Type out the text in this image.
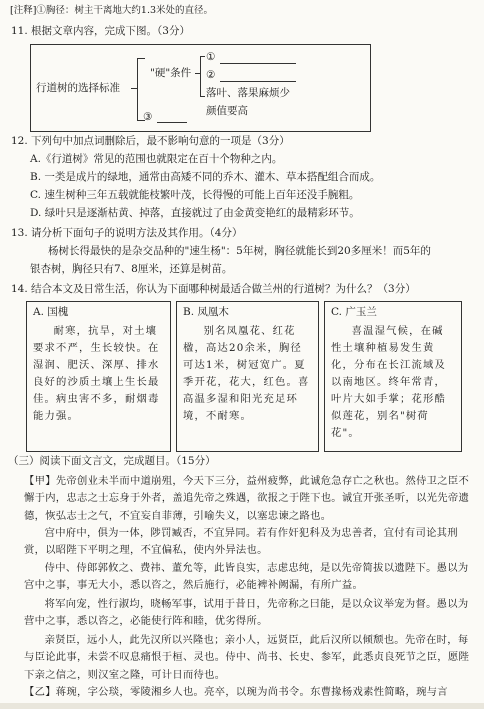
[注释]①胸径：树主干离地大约1.3米处的直径。
11. 根据文章内容，完成下图。（3分）
行道树的选择标准
"硬"条件
①
②
落叶、落果麻烦少
颜值要高
③
12. 下列句中加点词删除后，最不影响句意的一项是（3分）
A.《行道树》常见的范围也就限定在百十个物种之内。
B. 一类是成片的绿地，通常由高矮不同的乔木、灌木、草本搭配组合而成。
C. 速生树种三年五载就能枝繁叶茂，长得慢的可能上百年还没手腕粗。
D. 绿叶只是逐渐枯黄、掉落，直接就过了由金黄变艳红的最精彩环节。
13. 请分析下面句子的说明方法及其作用。（4分）
杨树长得最快的是杂交品种的"速生杨"：5年树，胸径就能长到20多厘米！而5年的
银杏树，胸径只有7、8厘米，还算是树苗。
14. 结合本文及日常生活，你认为下面哪种树最适合做兰州的行道树？为什么？（3分）
A. 国槐
耐寒，抗旱，对土壤要求不严，生长较快。在湿润、肥沃、深厚、排水良好的沙质土壤上生长最佳。病虫害不多，耐烟毒能力强。
B. 凤凰木
别名凤凰花、红花楹，高达20余米，胸径可达1米，树冠宽广。夏季开花，花大，红色。喜高温多湿和阳光充足环境，不耐寒。
C. 广玉兰
喜温湿气候，在碱性土壤种植易发生黄化，分布在长江流域及以南地区。终年常青，叶片大如手掌；花形酷似莲花，别名"树荷花"。
（三）阅读下面文言文，完成题目。（15分）
【甲】先帝创业未半而中道崩殂，今天下三分，益州疲弊，此诚危急存亡之秋也。然侍卫之臣不懈于内，忠志之士忘身于外者，盖追先帝之殊遇，欲报之于陛下也。诚宜开张圣听，以光先帝遗德，恢弘志士之气，不宜妄自菲薄，引喻失义，以塞忠谏之路也。
宫中府中，俱为一体，陟罚臧否，不宜异同。若有作奸犯科及为忠善者，宜付有司论其刑赏，以昭陛下平明之理，不宜偏私，使内外异法也。
侍中、侍郎郭攸之、费祎、董允等，此皆良实，志虑忠纯，是以先帝简拔以遗陛下。愚以为宫中之事，事无大小，悉以咨之，然后施行，必能裨补阙漏，有所广益。
将军向宠，性行淑均，晓畅军事，试用于昔日，先帝称之曰能，是以众议举宠为督。愚以为营中之事，悉以咨之，必能使行阵和睦，优劣得所。
亲贤臣，远小人，此先汉所以兴隆也；亲小人，远贤臣，此后汉所以倾颓也。先帝在时，每与臣论此事，未尝不叹息痛恨于桓、灵也。侍中、尚书、长史、参军，此悉贞良死节之臣，愿陛下亲之信之，则汉室之隆，可计日而待也。
【乙】蒋琬，字公琰，零陵湘乡人也。亮卒，以琬为尚书令。东曹掾杨戏素性简略，琬与言
